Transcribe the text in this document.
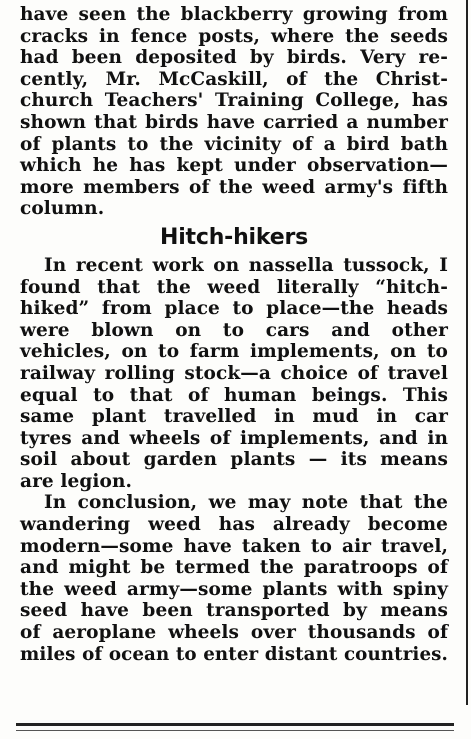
have seen the blackberry growing from
cracks in fence posts, where the seeds
had been deposited by birds. Very re-
cently, Mr. McCaskill, of the Christ-
church Teachers' Training College, has
shown that birds have carried a number
of plants to the vicinity of a bird bath
which he has kept under observation—
more members of the weed army's fifth
column.
Hitch-hikers
In recent work on nassella tussock, I
found that the weed literally “hitch-
hiked” from place to place—the heads
were blown on to cars and other
vehicles, on to farm implements, on to
railway rolling stock—a choice of travel
equal to that of human beings. This
same plant travelled in mud in car
tyres and wheels of implements, and in
soil about garden plants — its means
are legion.
In conclusion, we may note that the
wandering weed has already become
modern—some have taken to air travel,
and might be termed the paratroops of
the weed army—some plants with spiny
seed have been transported by means
of aeroplane wheels over thousands of
miles of ocean to enter distant countries.
